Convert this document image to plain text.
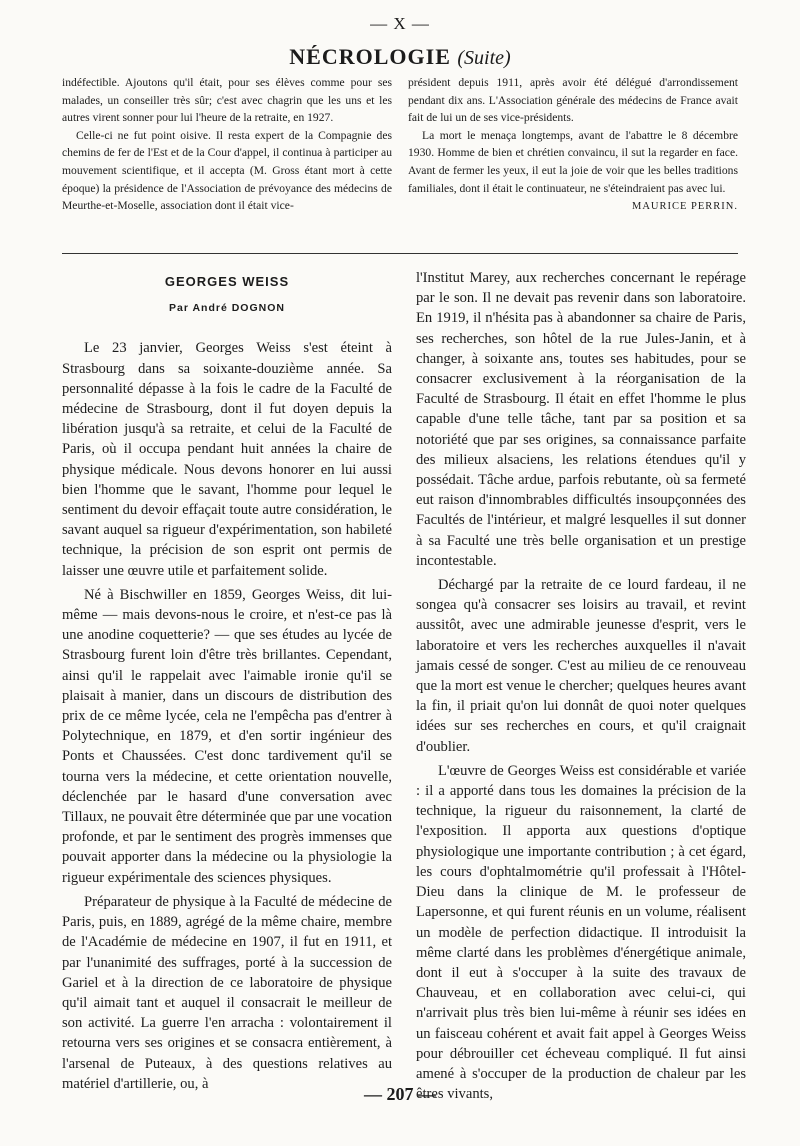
— X —
NÉCROLOGIE (Suite)

indéfectible. Ajoutons qu'il était, pour ses élèves comme pour ses malades, un conseiller très sûr; c'est avec chagrin que les uns et les autres virent sonner pour lui l'heure de la retraite, en 1927.

Celle-ci ne fut point oisive. Il resta expert de la Compagnie des chemins de fer de l'Est et de la Cour d'appel, il continua à participer au mouvement scientifique, et il accepta (M. Gross étant mort à cette époque) la présidence de l'Association de prévoyance des médecins de Meurthe-et-Moselle, association dont il était vice-

président depuis 1911, après avoir été délégué d'arrondissement pendant dix ans. L'Association générale des médecins de France avait fait de lui un de ses vice-présidents.

La mort le menaça longtemps, avant de l'abattre le 8 décembre 1930. Homme de bien et chrétien convaincu, il sut la regarder en face. Avant de fermer les yeux, il eut la joie de voir que les belles traditions familiales, dont il était le continuateur, ne s'éteindraient pas avec lui.

MAURICE PERRIN.
GEORGES WEISS
Par André DOGNON

Le 23 janvier, Georges Weiss s'est éteint à Strasbourg dans sa soixante-douzième année. Sa personnalité dépasse à la fois le cadre de la Faculté de médecine de Strasbourg, dont il fut doyen depuis la libération jusqu'à sa retraite, et celui de la Faculté de Paris, où il occupa pendant huit années la chaire de physique médicale. Nous devons honorer en lui aussi bien l'homme que le savant, l'homme pour lequel le sentiment du devoir effaçait toute autre considération, le savant auquel sa rigueur d'expérimentation, son habileté technique, la précision de son esprit ont permis de laisser une œuvre utile et parfaitement solide.

Né à Bischwiller en 1859, Georges Weiss, dit lui-même — mais devons-nous le croire, et n'est-ce pas là une anodine coquetterie? — que ses études au lycée de Strasbourg furent loin d'être très brillantes. Cependant, ainsi qu'il le rappelait avec l'aimable ironie qu'il se plaisait à manier, dans un discours de distribution des prix de ce même lycée, cela ne l'empêcha pas d'entrer à Polytechnique, en 1879, et d'en sortir ingénieur des Ponts et Chaussées. C'est donc tardivement qu'il se tourna vers la médecine, et cette orientation nouvelle, déclenchée par le hasard d'une conversation avec Tillaux, ne pouvait être déterminée que par une vocation profonde, et par le sentiment des progrès immenses que pouvait apporter dans la médecine ou la physiologie la rigueur expérimentale des sciences physiques.

Préparateur de physique à la Faculté de médecine de Paris, puis, en 1889, agrégé de la même chaire, membre de l'Académie de médecine en 1907, il fut en 1911, et par l'unanimité des suffrages, porté à la succession de Gariel et à la direction de ce laboratoire de physique qu'il aimait tant et auquel il consacrait le meilleur de son activité. La guerre l'en arracha : volontairement il retourna vers ses origines et se consacra entièrement, à l'arsenal de Puteaux, à des questions relatives au matériel d'artillerie, ou, à

l'Institut Marey, aux recherches concernant le repérage par le son. Il ne devait pas revenir dans son laboratoire. En 1919, il n'hésita pas à abandonner sa chaire de Paris, ses recherches, son hôtel de la rue Jules-Janin, et à changer, à soixante ans, toutes ses habitudes, pour se consacrer exclusivement à la réorganisation de la Faculté de Strasbourg. Il était en effet l'homme le plus capable d'une telle tâche, tant par sa position et sa notoriété que par ses origines, sa connaissance parfaite des milieux alsaciens, les relations étendues qu'il y possédait. Tâche ardue, parfois rebutante, où sa fermeté eut raison d'innombrables difficultés insoupçonnées des Facultés de l'intérieur, et malgré lesquelles il sut donner à sa Faculté une très belle organisation et un prestige incontestable.

Déchargé par la retraite de ce lourd fardeau, il ne songea qu'à consacrer ses loisirs au travail, et revint aussitôt, avec une admirable jeunesse d'esprit, vers le laboratoire et vers les recherches auxquelles il n'avait jamais cessé de songer. C'est au milieu de ce renouveau que la mort est venue le chercher; quelques heures avant la fin, il priait qu'on lui donnât de quoi noter quelques idées sur ses recherches en cours, et qu'il craignait d'oublier.

L'œuvre de Georges Weiss est considérable et variée : il a apporté dans tous les domaines la précision de la technique, la rigueur du raisonnement, la clarté de l'exposition. Il apporta aux questions d'optique physiologique une importante contribution ; à cet égard, les cours d'ophtalmométrie qu'il professait à l'Hôtel-Dieu dans la clinique de M. le professeur de Lapersonne, et qui furent réunis en un volume, réalisent un modèle de perfection didactique. Il introduisit la même clarté dans les problèmes d'énergétique animale, dont il eut à s'occuper à la suite des travaux de Chauveau, et en collaboration avec celui-ci, qui n'arrivait plus très bien lui-même à réunir ses idées en un faisceau cohérent et avait fait appel à Georges Weiss pour débrouiller cet écheveau compliqué. Il fut ainsi amené à s'occuper de la production de chaleur par les êtres vivants,

— 207 —
